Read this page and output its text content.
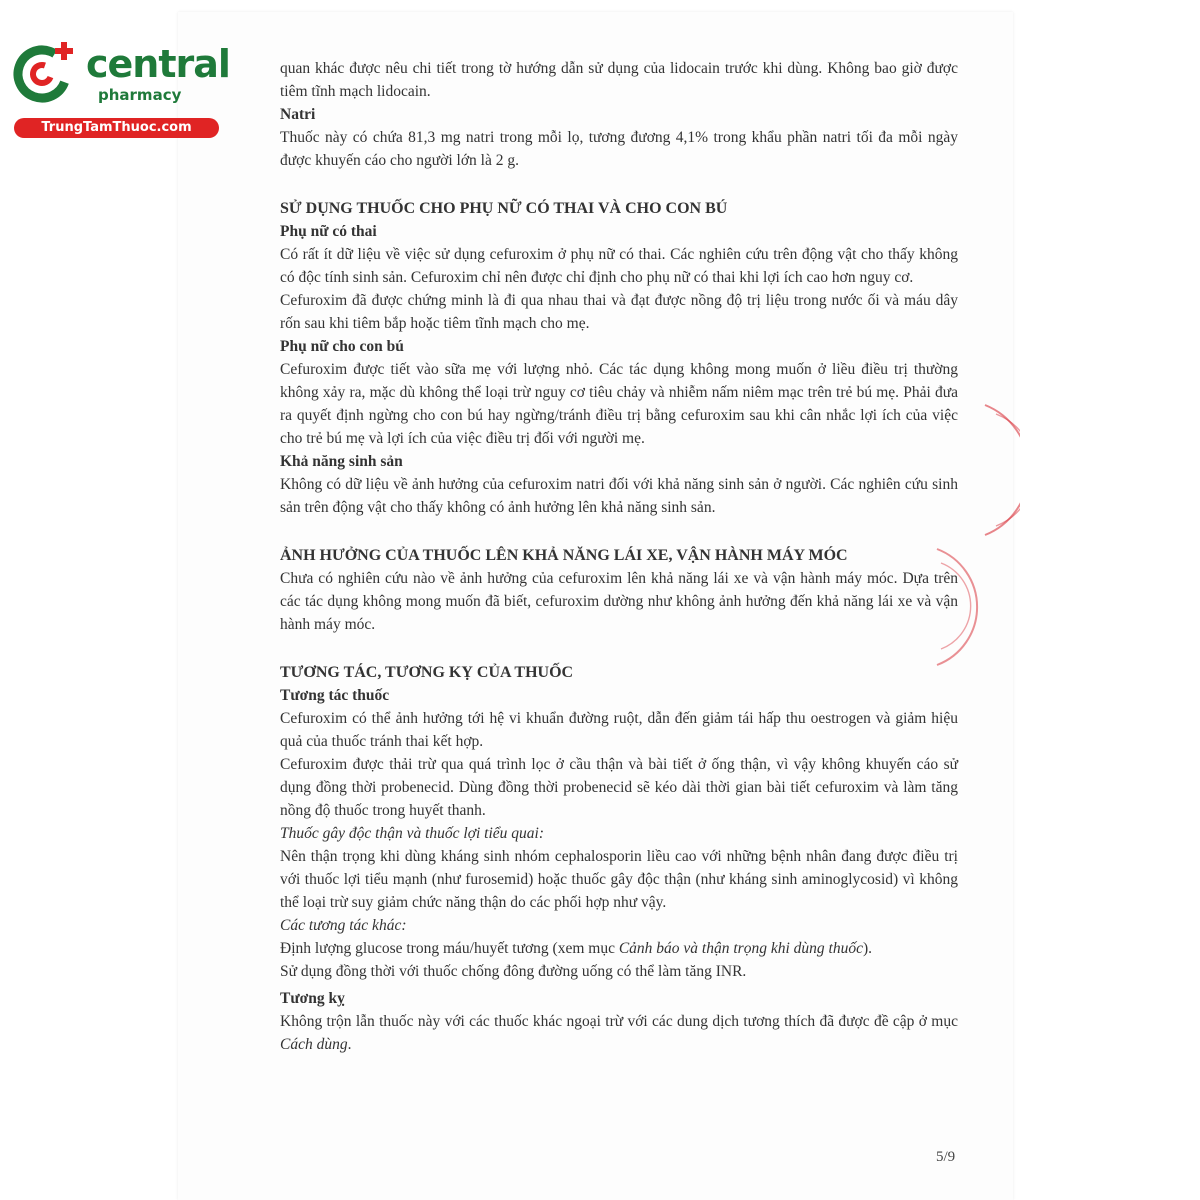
central
pharmacy
TrungTamThuoc.com

quan khác được nêu chi tiết trong tờ hướng dẫn sử dụng của lidocain trước khi dùng. Không bao giờ được tiêm tĩnh mạch lidocain.

Natri

Thuốc này có chứa 81,3 mg natri trong mỗi lọ, tương đương 4,1% trong khẩu phần natri tối đa mỗi ngày được khuyến cáo cho người lớn là 2 g.

SỬ DỤNG THUỐC CHO PHỤ NỮ CÓ THAI VÀ CHO CON BÚ

Phụ nữ có thai

Có rất ít dữ liệu về việc sử dụng cefuroxim ở phụ nữ có thai. Các nghiên cứu trên động vật cho thấy không có độc tính sinh sản. Cefuroxim chỉ nên được chỉ định cho phụ nữ có thai khi lợi ích cao hơn nguy cơ.

Cefuroxim đã được chứng minh là đi qua nhau thai và đạt được nồng độ trị liệu trong nước ối và máu dây rốn sau khi tiêm bắp hoặc tiêm tĩnh mạch cho mẹ.

Phụ nữ cho con bú

Cefuroxim được tiết vào sữa mẹ với lượng nhỏ. Các tác dụng không mong muốn ở liều điều trị thường không xảy ra, mặc dù không thể loại trừ nguy cơ tiêu chảy và nhiễm nấm niêm mạc trên trẻ bú mẹ. Phải đưa ra quyết định ngừng cho con bú hay ngừng/tránh điều trị bằng cefuroxim sau khi cân nhắc lợi ích của việc cho trẻ bú mẹ và lợi ích của việc điều trị đối với người mẹ.

Khả năng sinh sản

Không có dữ liệu về ảnh hưởng của cefuroxim natri đối với khả năng sinh sản ở người. Các nghiên cứu sinh sản trên động vật cho thấy không có ảnh hưởng lên khả năng sinh sản.

ẢNH HƯỞNG CỦA THUỐC LÊN KHẢ NĂNG LÁI XE, VẬN HÀNH MÁY MÓC

Chưa có nghiên cứu nào về ảnh hưởng của cefuroxim lên khả năng lái xe và vận hành máy móc. Dựa trên các tác dụng không mong muốn đã biết, cefuroxim dường như không ảnh hưởng đến khả năng lái xe và vận hành máy móc.

TƯƠNG TÁC, TƯƠNG KỴ CỦA THUỐC

Tương tác thuốc

Cefuroxim có thể ảnh hưởng tới hệ vi khuẩn đường ruột, dẫn đến giảm tái hấp thu oestrogen và giảm hiệu quả của thuốc tránh thai kết hợp.

Cefuroxim được thải trừ qua quá trình lọc ở cầu thận và bài tiết ở ống thận, vì vậy không khuyến cáo sử dụng đồng thời probenecid. Dùng đồng thời probenecid sẽ kéo dài thời gian bài tiết cefuroxim và làm tăng nồng độ thuốc trong huyết thanh.

Thuốc gây độc thận và thuốc lợi tiểu quai:

Nên thận trọng khi dùng kháng sinh nhóm cephalosporin liều cao với những bệnh nhân đang được điều trị với thuốc lợi tiểu mạnh (như furosemid) hoặc thuốc gây độc thận (như kháng sinh aminoglycosid) vì không thể loại trừ suy giảm chức năng thận do các phối hợp như vậy.

Các tương tác khác:

Định lượng glucose trong máu/huyết tương (xem mục Cảnh báo và thận trọng khi dùng thuốc).

Sử dụng đồng thời với thuốc chống đông đường uống có thể làm tăng INR.

Tương kỵ

Không trộn lẫn thuốc này với các thuốc khác ngoại trừ với các dung dịch tương thích đã được đề cập ở mục Cách dùng.

5/9
